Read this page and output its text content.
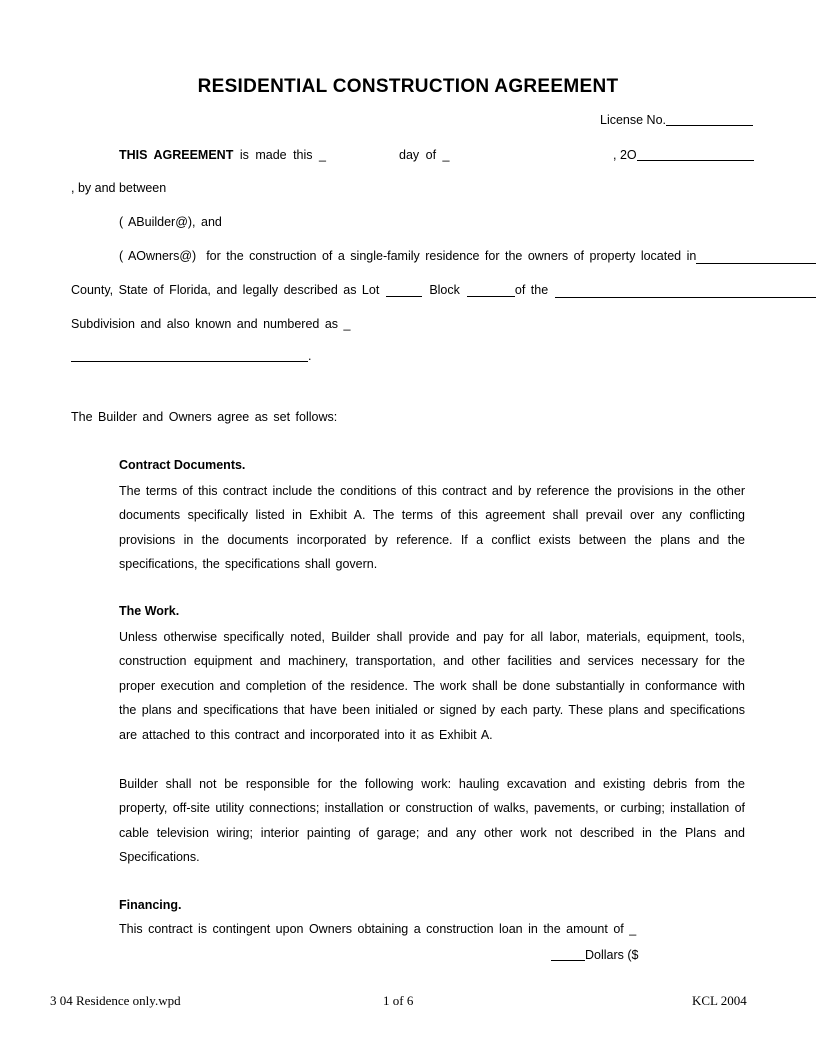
RESIDENTIAL CONSTRUCTION AGREEMENT
License No.
THIS AGREEMENT is made this _	day of _	, 2O
, by and between
( ABuilder@), and
( AOwners@) for the construction of a single-family residence for the owners of property located in
County, State of Florida, and legally described as Lot	Block	of the
Subdivision and also known and numbered as _
.
The Builder and Owners agree as set follows:
Contract Documents.
The terms of this contract include the conditions of this contract and by reference the provisions in the other documents specifically listed in Exhibit A. The terms of this agreement shall prevail over any conflicting provisions in the documents incorporated by reference. If a conflict exists between the plans and the specifications, the specifications shall govern.
The Work.
Unless otherwise specifically noted, Builder shall provide and pay for all labor, materials, equipment, tools, construction equipment and machinery, transportation, and other facilities and services necessary for the proper execution and completion of the residence. The work shall be done substantially in conformance with the plans and specifications that have been initialed or signed by each party. These plans and specifications are attached to this contract and incorporated into it as Exhibit A.
Builder shall not be responsible for the following work: hauling excavation and existing debris from the property, off-site utility connections; installation or construction of walks, pavements, or curbing; installation of cable television wiring; interior painting of garage; and any other work not described in the Plans and Specifications.
Financing.
This contract is contingent upon Owners obtaining a construction loan in the amount of _
Dollars ($
3 04 Residence only.wpd	1 of 6	KCL 2004
